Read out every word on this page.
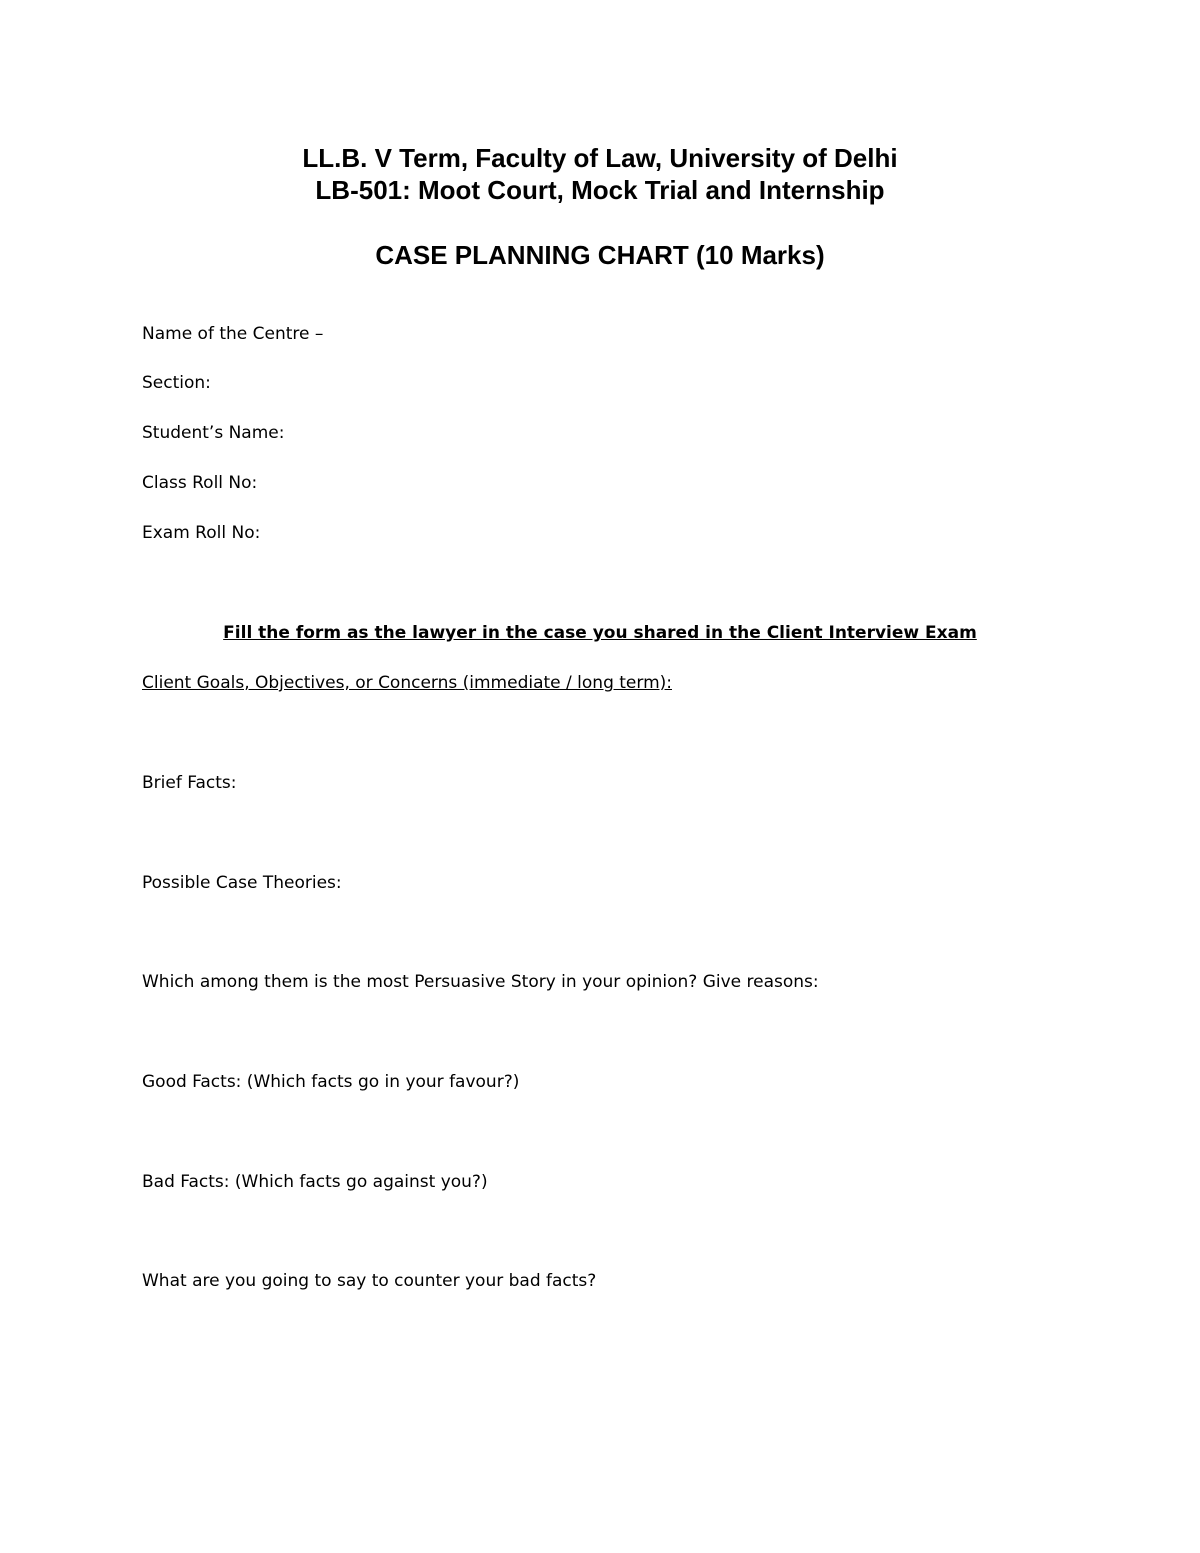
LL.B. V Term, Faculty of Law, University of Delhi
LB-501: Moot Court, Mock Trial and Internship
CASE PLANNING CHART (10 Marks)
Name of the Centre –
Section:
Student’s Name:
Class Roll No:
Exam Roll No:
Fill the form as the lawyer in the case you shared in the Client Interview Exam
Client Goals, Objectives, or Concerns (immediate / long term):
Brief Facts:
Possible Case Theories:
Which among them is the most Persuasive Story in your opinion? Give reasons:
Good Facts: (Which facts go in your favour?)
Bad Facts: (Which facts go against you?)
What are you going to say to counter your bad facts?
